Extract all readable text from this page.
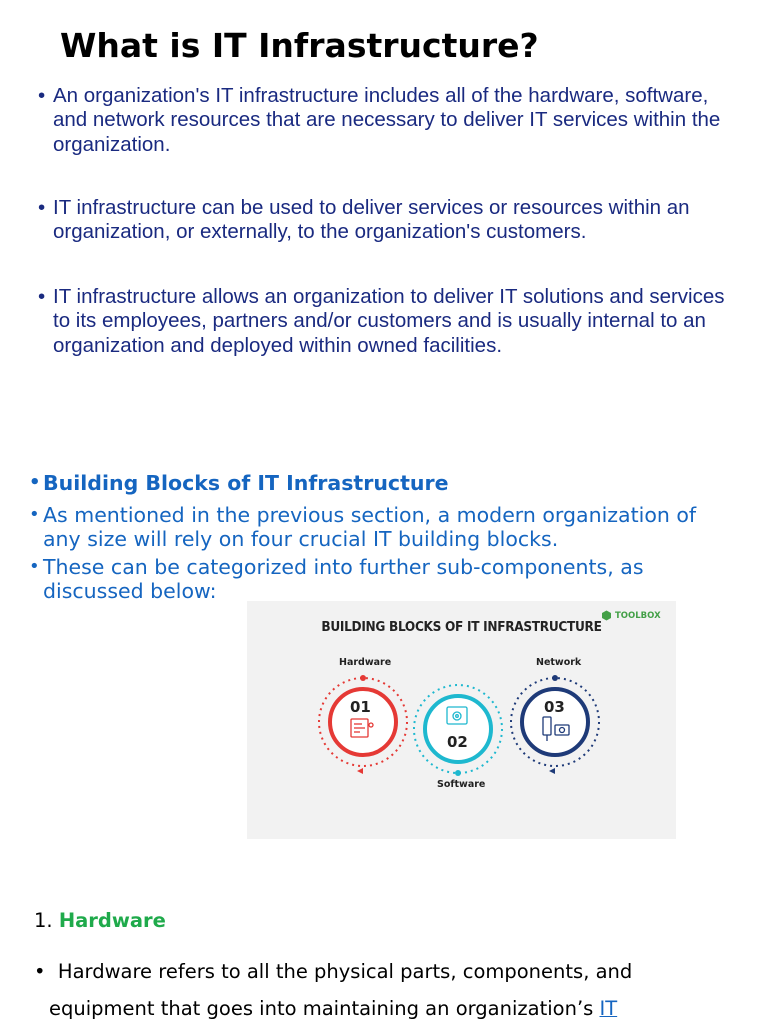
What is IT Infrastructure?
• An organization's IT infrastructure includes all of the hardware, software, and network resources that are necessary to deliver IT services within the organization.
• IT infrastructure can be used to deliver services or resources within an organization, or externally, to the organization's customers.
• IT infrastructure allows an organization to deliver IT solutions and services to its employees, partners and/or customers and is usually internal to an organization and deployed within owned facilities.
• Building Blocks of IT Infrastructure
• As mentioned in the previous section, a modern organization of any size will rely on four crucial IT building blocks.
• These can be categorized into further sub-components, as discussed below:
BUILDING BLOCKS OF IT INFRASTRUCTURE
TOOLBOX
Hardware	Network
Software
01
02
03
1. Hardware
•  Hardware refers to all the physical parts, components, and
equipment that goes into maintaining an organization’s IT
